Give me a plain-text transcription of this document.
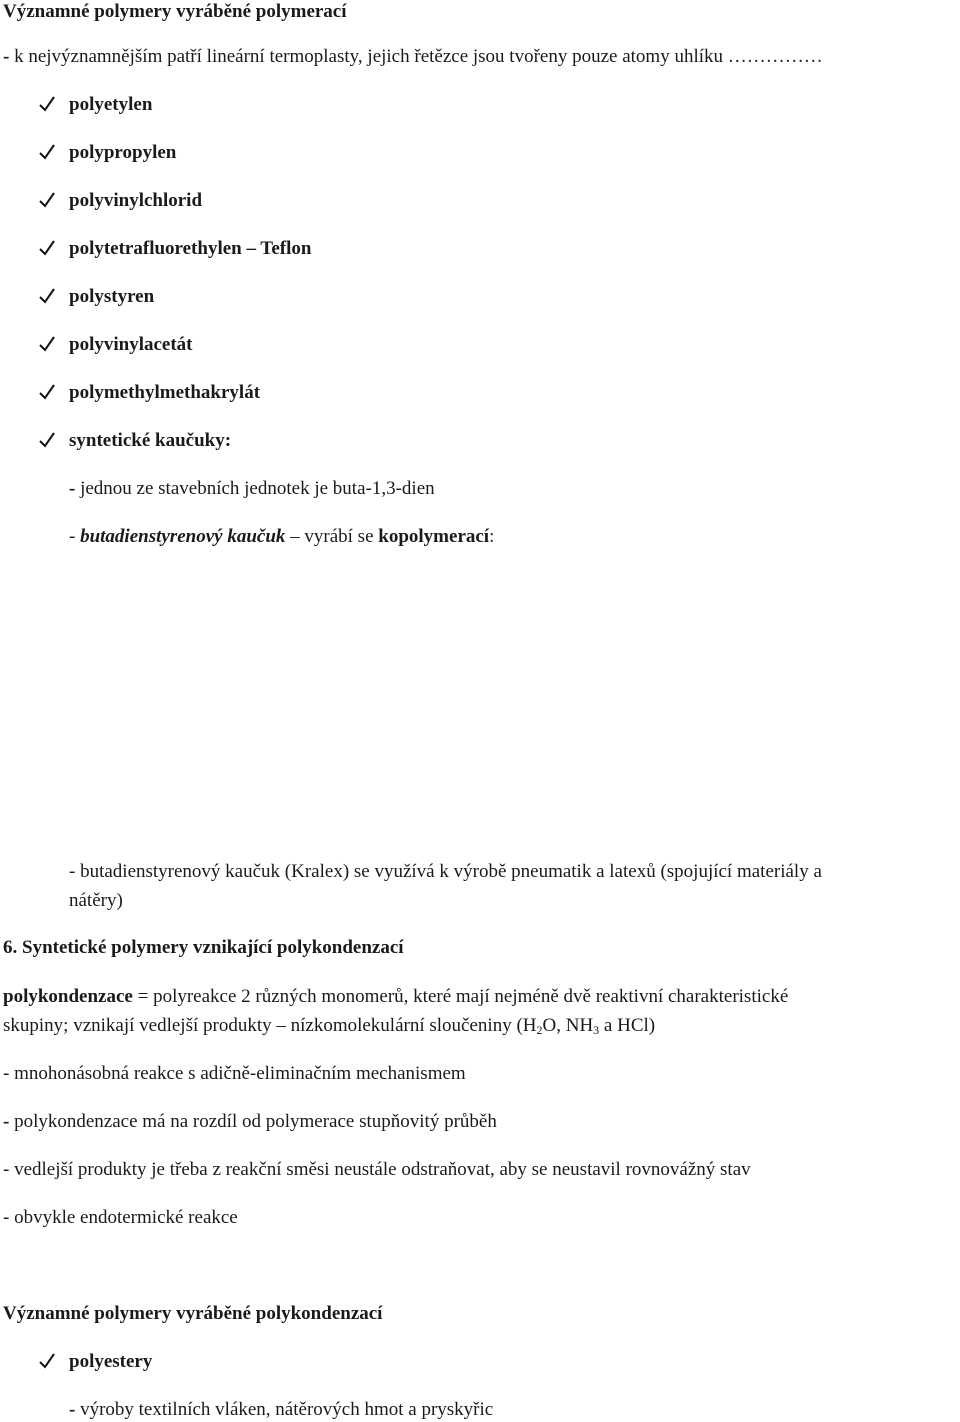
Významné polymery vyráběné polymerací
- k nejvýznamnějším patří lineární termoplasty, jejich řetězce jsou tvořeny pouze atomy uhlíku ……………
polyetylen
polypropylen
polyvinylchlorid
polytetrafluorethylen – Teflon
polystyren
polyvinylacetát
polymethylmethakrylát
syntetické kaučuky:
- jednou ze stavebních jednotek je buta-1,3-dien
- butadienstyrenový kaučuk – vyrábí se kopolymerací:
- butadienstyrenový kaučuk (Kralex) se využívá k výrobě pneumatik a latexů (spojující materiály a
nátěry)
6. Syntetické polymery vznikající polykondenzací
polykondenzace = polyreakce 2 různých monomerů, které mají nejméně dvě reaktivní charakteristické
skupiny; vznikají vedlejší produkty – nízkomolekulární sloučeniny ($H_2O$, $NH_3$ a HCl)
- mnohonásobná reakce s adičně-eliminačním mechanismem
- polykondenzace má na rozdíl od polymerace stupňovitý průběh
- vedlejší produkty je třeba z reakční směsi neustále odstraňovat, aby se neustavil rovnovážný stav
- obvykle endotermické reakce
Významné polymery vyráběné polykondenzací
polyestery
- výroby textilních vláken, nátěrových hmot a pryskyřic
